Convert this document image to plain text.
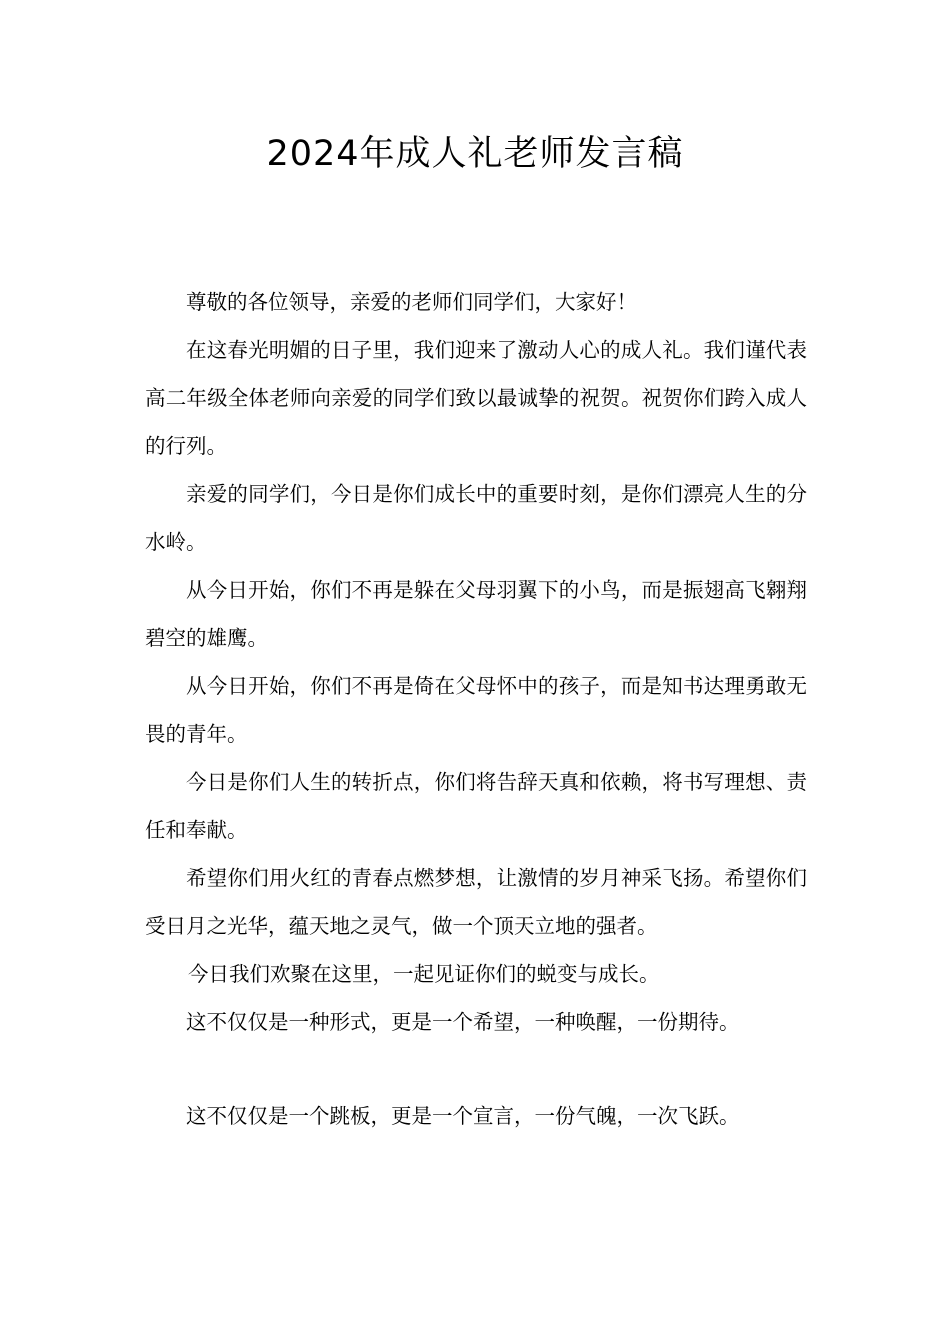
2024年成人礼老师发言稿

尊敬的各位领导，亲爱的老师们同学们，大家好！

在这春光明媚的日子里，我们迎来了激动人心的成人礼。我们谨代表高二年级全体老师向亲爱的同学们致以最诚挚的祝贺。祝贺你们跨入成人的行列。

亲爱的同学们，今日是你们成长中的重要时刻，是你们漂亮人生的分水岭。

从今日开始，你们不再是躲在父母羽翼下的小鸟，而是振翅高飞翱翔碧空的雄鹰。

从今日开始，你们不再是倚在父母怀中的孩子，而是知书达理勇敢无畏的青年。

今日是你们人生的转折点，你们将告辞天真和依赖，将书写理想、责任和奉献。

希望你们用火红的青春点燃梦想，让激情的岁月神采飞扬。希望你们受日月之光华，蕴天地之灵气，做一个顶天立地的强者。

今日我们欢聚在这里，一起见证你们的蜕变与成长。

这不仅仅是一种形式，更是一个希望，一种唤醒，一份期待。

这不仅仅是一个跳板，更是一个宣言，一份气魄，一次飞跃。
